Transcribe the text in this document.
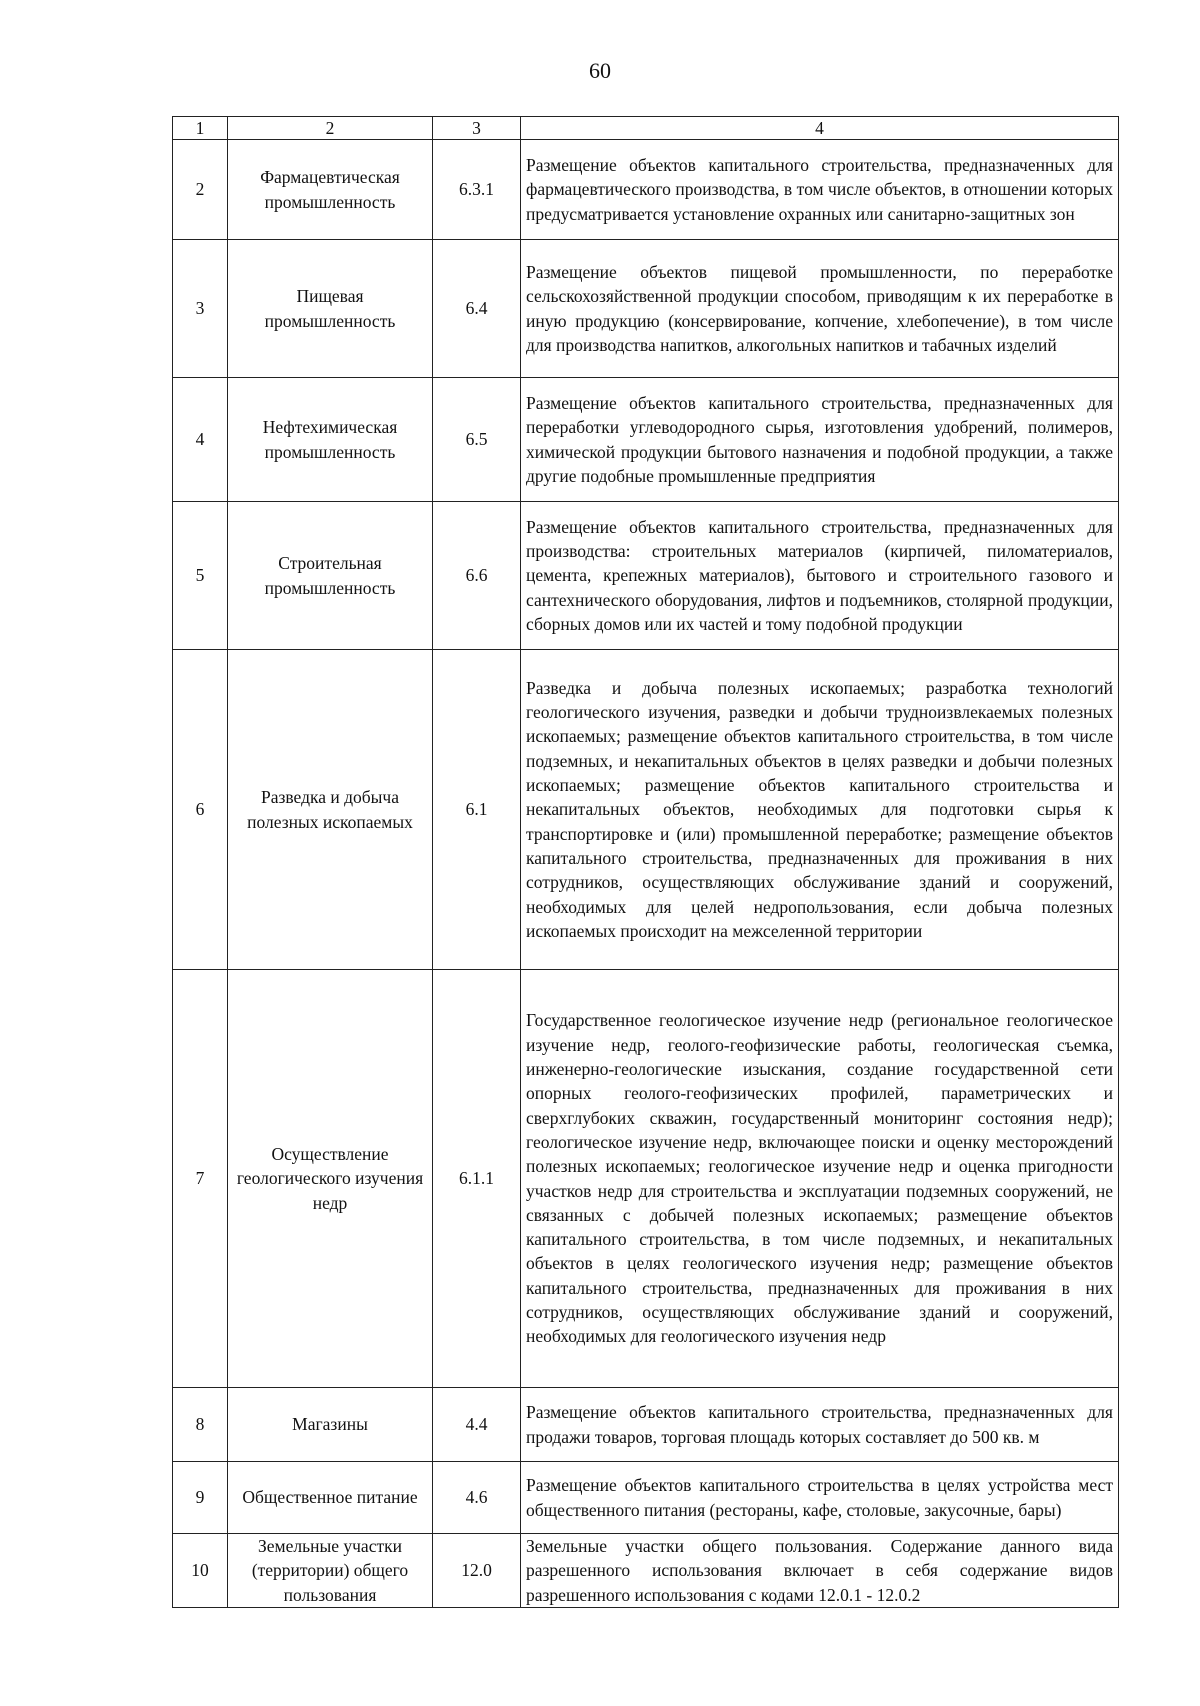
60
1	2	3	4
2	Фармацевтическая промышленность	6.3.1	Размещение объектов капитального строительства, предназначенных для фармацевтического производства, в том числе объектов, в отношении которых предусматривается установление охранных или санитарно-защитных зон
3	Пищевая промышленность	6.4	Размещение объектов пищевой промышленности, по переработке сельскохозяйственной продукции способом, приводящим к их переработке в иную продукцию (консервирование, копчение, хлебопечение), в том числе для производства напитков, алкогольных напитков и табачных изделий
4	Нефтехимическая промышленность	6.5	Размещение объектов капитального строительства, предназначенных для переработки углеводородного сырья, изготовления удобрений, полимеров, химической продукции бытового назначения и подобной продукции, а также другие подобные промышленные предприятия
5	Строительная промышленность	6.6	Размещение объектов капитального строительства, предназначенных для производства: строительных материалов (кирпичей, пиломатериалов, цемента, крепежных материалов), бытового и строительного газового и сантехнического оборудования, лифтов и подъемников, столярной продукции, сборных домов или их частей и тому подобной продукции
6	Разведка и добыча полезных ископаемых	6.1	Разведка и добыча полезных ископаемых; разработка технологий геологического изучения, разведки и добычи трудноизвлекаемых полезных ископаемых; размещение объектов капитального строительства, в том числе подземных, и некапитальных объектов в целях разведки и добычи полезных ископаемых; размещение объектов капитального строительства и некапитальных объектов, необходимых для подготовки сырья к транспортировке и (или) промышленной переработке; размещение объектов капитального строительства, предназначенных для проживания в них сотрудников, осуществляющих обслуживание зданий и сооружений, необходимых для целей недропользования, если добыча полезных ископаемых происходит на межселенной территории
7	Осуществление геологического изучения недр	6.1.1	Государственное геологическое изучение недр (региональное геологическое изучение недр, геолого-геофизические работы, геологическая съемка, инженерно-геологические изыскания, создание государственной сети опорных геолого-геофизических профилей, параметрических и сверхглубоких скважин, государственный мониторинг состояния недр); геологическое изучение недр, включающее поиски и оценку месторождений полезных ископаемых; геологическое изучение недр и оценка пригодности участков недр для строительства и эксплуатации подземных сооружений, не связанных с добычей полезных ископаемых; размещение объектов капитального строительства, в том числе подземных, и некапитальных объектов в целях геологического изучения недр; размещение объектов капитального строительства, предназначенных для проживания в них сотрудников, осуществляющих обслуживание зданий и сооружений, необходимых для геологического изучения недр
8	Магазины	4.4	Размещение объектов капитального строительства, предназначенных для продажи товаров, торговая площадь которых составляет до 500 кв. м
9	Общественное питание	4.6	Размещение объектов капитального строительства в целях устройства мест общественного питания (рестораны, кафе, столовые, закусочные, бары)
10	Земельные участки (территории) общего пользования	12.0	Земельные участки общего пользования. Содержание данного вида разрешенного использования включает в себя содержание видов разрешенного использования с кодами 12.0.1 - 12.0.2
